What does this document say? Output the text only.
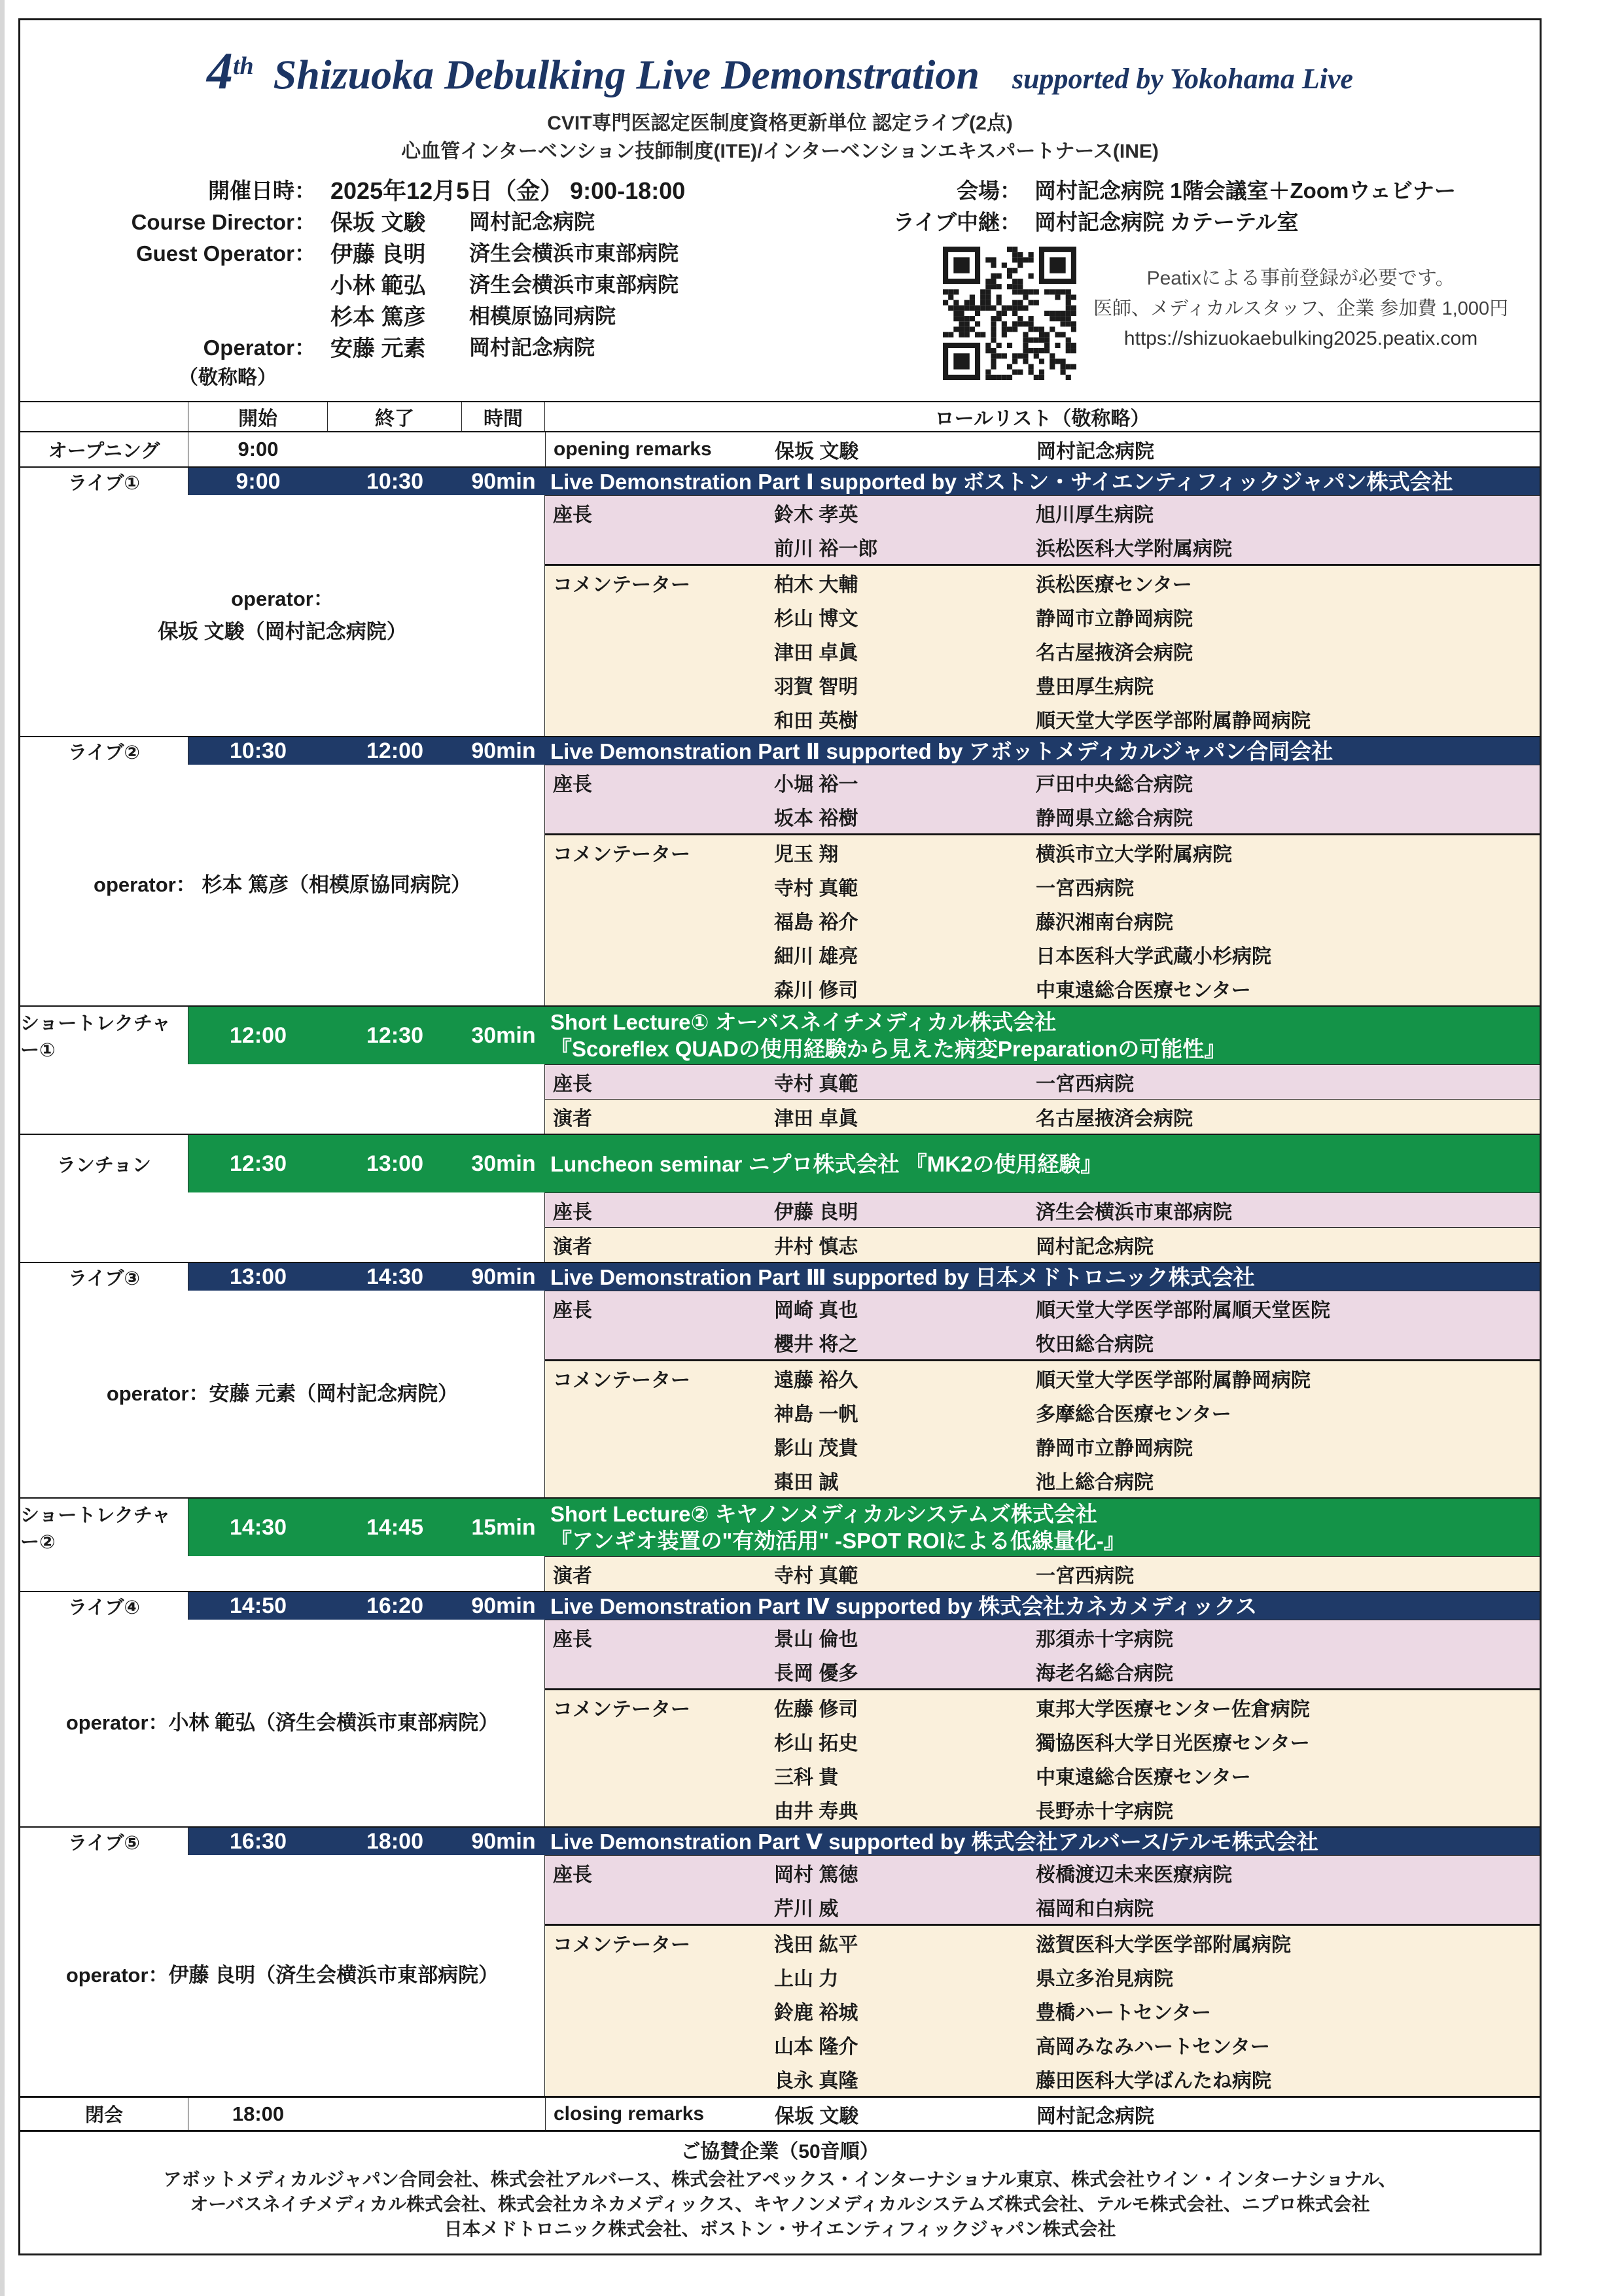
4th Shizuoka Debulking Live Demonstration supported by Yokohama Live
CVIT専門医認定医制度資格更新単位 認定ライブ(2点)
心血管インターベンション技師制度(ITE)/インターベンションエキスパートナース(INE)
開催日時： 2025年12月5日（金） 9:00-18:00
Course Director： 保坂 文駿	岡村記念病院
Guest Operator： 伊藤 良明	済生会横浜市東部病院
小林 範弘	済生会横浜市東部病院
杉本 篤彦	相模原協同病院
Operator： 安藤 元素	岡村記念病院
（敬称略）
会場： 岡村記念病院 1階会議室＋Zoomウェビナー
ライブ中継： 岡村記念病院 カテーテル室
Peatixによる事前登録が必要です。
医師、メディカルスタッフ、企業 参加費 1,000円
https://shizuokaebulking2025.peatix.com
開始	終了	時間	ロールリスト（敬称略）
オープニング	9:00	opening remarks	保坂 文駿	岡村記念病院
ライブ①	9:00	10:30	90min Live Demonstration Part Ⅰ supported by ボストン・サイエンティフィックジャパン株式会社
operator：
保坂 文駿（岡村記念病院）
座長	鈴木 孝英	旭川厚生病院
前川 裕一郎	浜松医科大学附属病院
コメンテーター	柏木 大輔	浜松医療センター
杉山 博文	静岡市立静岡病院
津田 卓眞	名古屋掖済会病院
羽賀 智明	豊田厚生病院
和田 英樹	順天堂大学医学部附属静岡病院
ライブ②	10:30	12:00	90min Live Demonstration Part Ⅱ supported by アボットメディカルジャパン合同会社
operator： 杉本 篤彦（相模原協同病院）
座長	小堀 裕一	戸田中央総合病院
坂本 裕樹	静岡県立総合病院
コメンテーター	児玉 翔	横浜市立大学附属病院
寺村 真範	一宮西病院
福島 裕介	藤沢湘南台病院
細川 雄亮	日本医科大学武蔵小杉病院
森川 修司	中東遠総合医療センター
ショートレクチャー①
12:00	12:30	30min
Short Lecture① オーバスネイチメディカル株式会社
『Scoreflex QUADの使用経験から見えた病変Preparationの可能性』
座長	寺村 真範	一宮西病院
演者	津田 卓眞	名古屋掖済会病院
ランチョン	12:30	13:00	30min Luncheon seminar ニプロ株式会社 『MK2の使用経験』
座長	伊藤 良明	済生会横浜市東部病院
演者	井村 慎志	岡村記念病院
ライブ③	13:00	14:30	90min Live Demonstration Part Ⅲ supported by 日本メドトロニック株式会社
operator：安藤 元素（岡村記念病院）
座長	岡崎 真也	順天堂大学医学部附属順天堂医院
櫻井 将之	牧田総合病院
コメンテーター	遠藤 裕久	順天堂大学医学部附属静岡病院
神島 一帆	多摩総合医療センター
影山 茂貴	静岡市立静岡病院
棗田 誠	池上総合病院
ショートレクチャー②
14:30	14:45	15min
Short Lecture② キヤノンメディカルシステムズ株式会社
『アンギオ装置の"有効活用" -SPOT ROIによる低線量化-』
演者	寺村 真範	一宮西病院
ライブ④	14:50	16:20	90min Live Demonstration Part Ⅳ supported by 株式会社カネカメディックス
operator：小林 範弘（済生会横浜市東部病院）
座長	景山 倫也	那須赤十字病院
長岡 優多	海老名総合病院
コメンテーター	佐藤 修司	東邦大学医療センター佐倉病院
杉山 拓史	獨協医科大学日光医療センター
三科 貴	中東遠総合医療センター
由井 寿典	長野赤十字病院
ライブ⑤	16:30	18:00	90min Live Demonstration Part Ⅴ supported by 株式会社アルバース/テルモ株式会社
operator：伊藤 良明（済生会横浜市東部病院）
座長	岡村 篤徳	桜橋渡辺未来医療病院
芹川 威	福岡和白病院
コメンテーター	浅田 紘平	滋賀医科大学医学部附属病院
上山 力	県立多治見病院
鈴鹿 裕城	豊橋ハートセンター
山本 隆介	高岡みなみハートセンター
良永 真隆	藤田医科大学ばんたね病院
閉会	18:00	closing remarks	保坂 文駿	岡村記念病院
ご協賛企業（50音順）
アボットメディカルジャパン合同会社、株式会社アルバース、株式会社アペックス・インターナショナル東京、株式会社ウイン・インターナショナル、
オーバスネイチメディカル株式会社、株式会社カネカメディックス、キヤノンメディカルシステムズ株式会社、テルモ株式会社、ニプロ株式会社
日本メドトロニック株式会社、ボストン・サイエンティフィックジャパン株式会社
